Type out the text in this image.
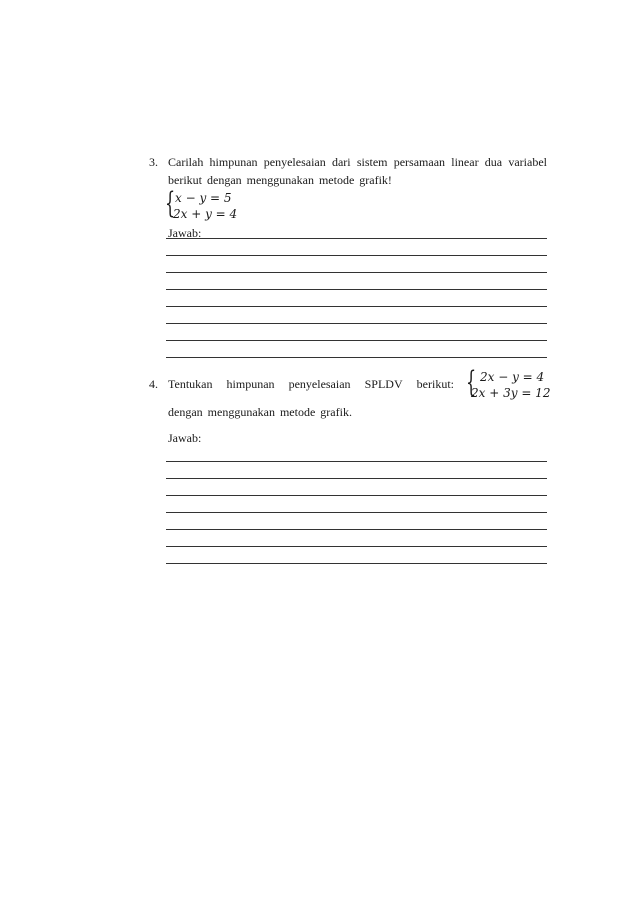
3. Carilah himpunan penyelesaian dari sistem persamaan linear dua variabel
berikut dengan menggunakan metode grafik!
{ x − y = 5
2x + y = 4
Jawab:
4. Tentukan himpunan penyelesaian SPLDV berikut: { 2x − y = 4
2x + 3y = 12
dengan menggunakan metode grafik.
Jawab:
